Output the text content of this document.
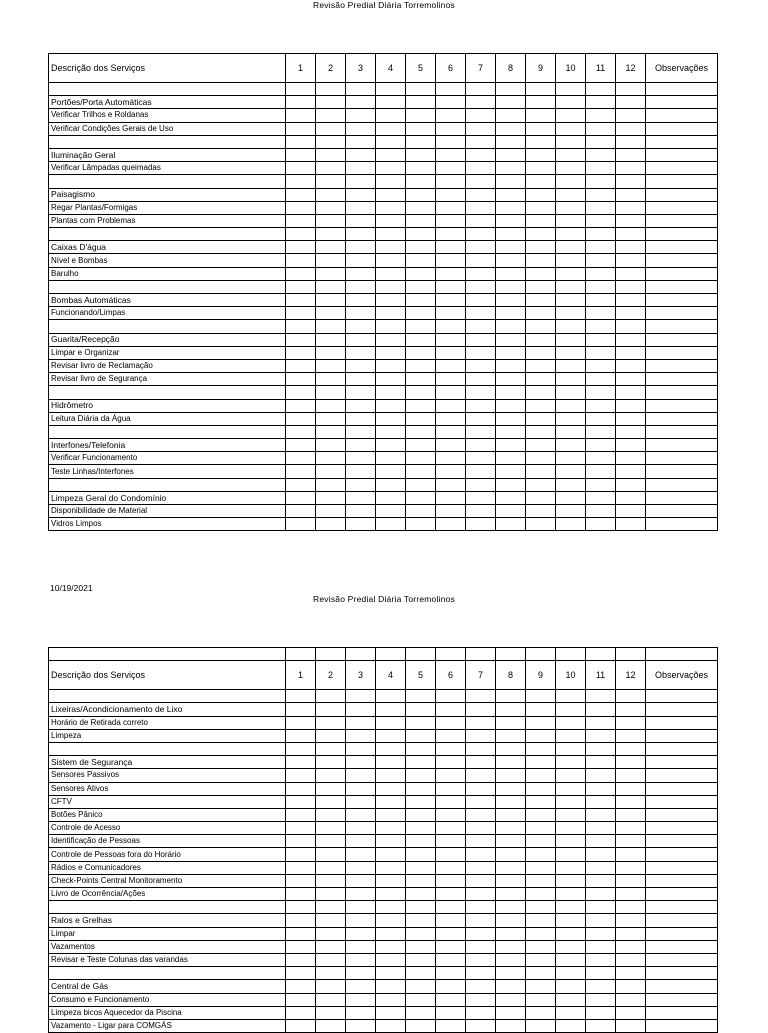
Revisão Predial Diária Torremolinos
Descrição dos Serviços	1	2	3	4	5	6	7	8	9	10	11	12	Observações

Portões/Porta Automáticas													
Verificar Trilhos e Roldanas													
Verificar Condições Gerais de Uso													

Iluminação Geral													
Verificar Lâmpadas queimadas													

Paisagismo													
Regar Plantas/Formigas													
Plantas com Problemas													

Caixas D'água													
Nível e Bombas													
Barulho													

Bombas Automáticas													
Funcionando/Limpas													

Guarita/Recepção													
Limpar e Organizar													
Revisar livro de Reclamação													
Revisar livro de Segurança													

Hidrômetro													
Leitura Diária da Água													

Interfones/Telefonia													
Verificar Funcionamento													
Teste Linhas/Interfones													

Limpeza Geral do Condomínio													
Disponibilidade de Material													
Vidros Limpos													
10/19/2021
Revisão Predial Diária Torremolinos

Descrição dos Serviços	1	2	3	4	5	6	7	8	9	10	11	12	Observações

Lixeiras/Acondicionamento de Lixo													
Horário de Retirada correto													
Limpeza													

Sistem de Segurança													
Sensores Passivos													
Sensores Ativos													
CFTV													
Botões Pânico													
Controle de Acesso													
Identificação de Pessoas													
Controle de Pessoas fora do Horário													
Rádios e Comunicadores													
Check-Points Central Monitoramento													
Livro de Ocorrência/Ações													

Ralos e Grelhas													
Limpar													
Vazamentos													
Revisar e Teste Colunas das varandas													

Central de Gás													
Consumo e Funcionamento													
Limpeza bicos Aquecedor da Piscina													
Vazamento - Ligar para COMGÁS													
